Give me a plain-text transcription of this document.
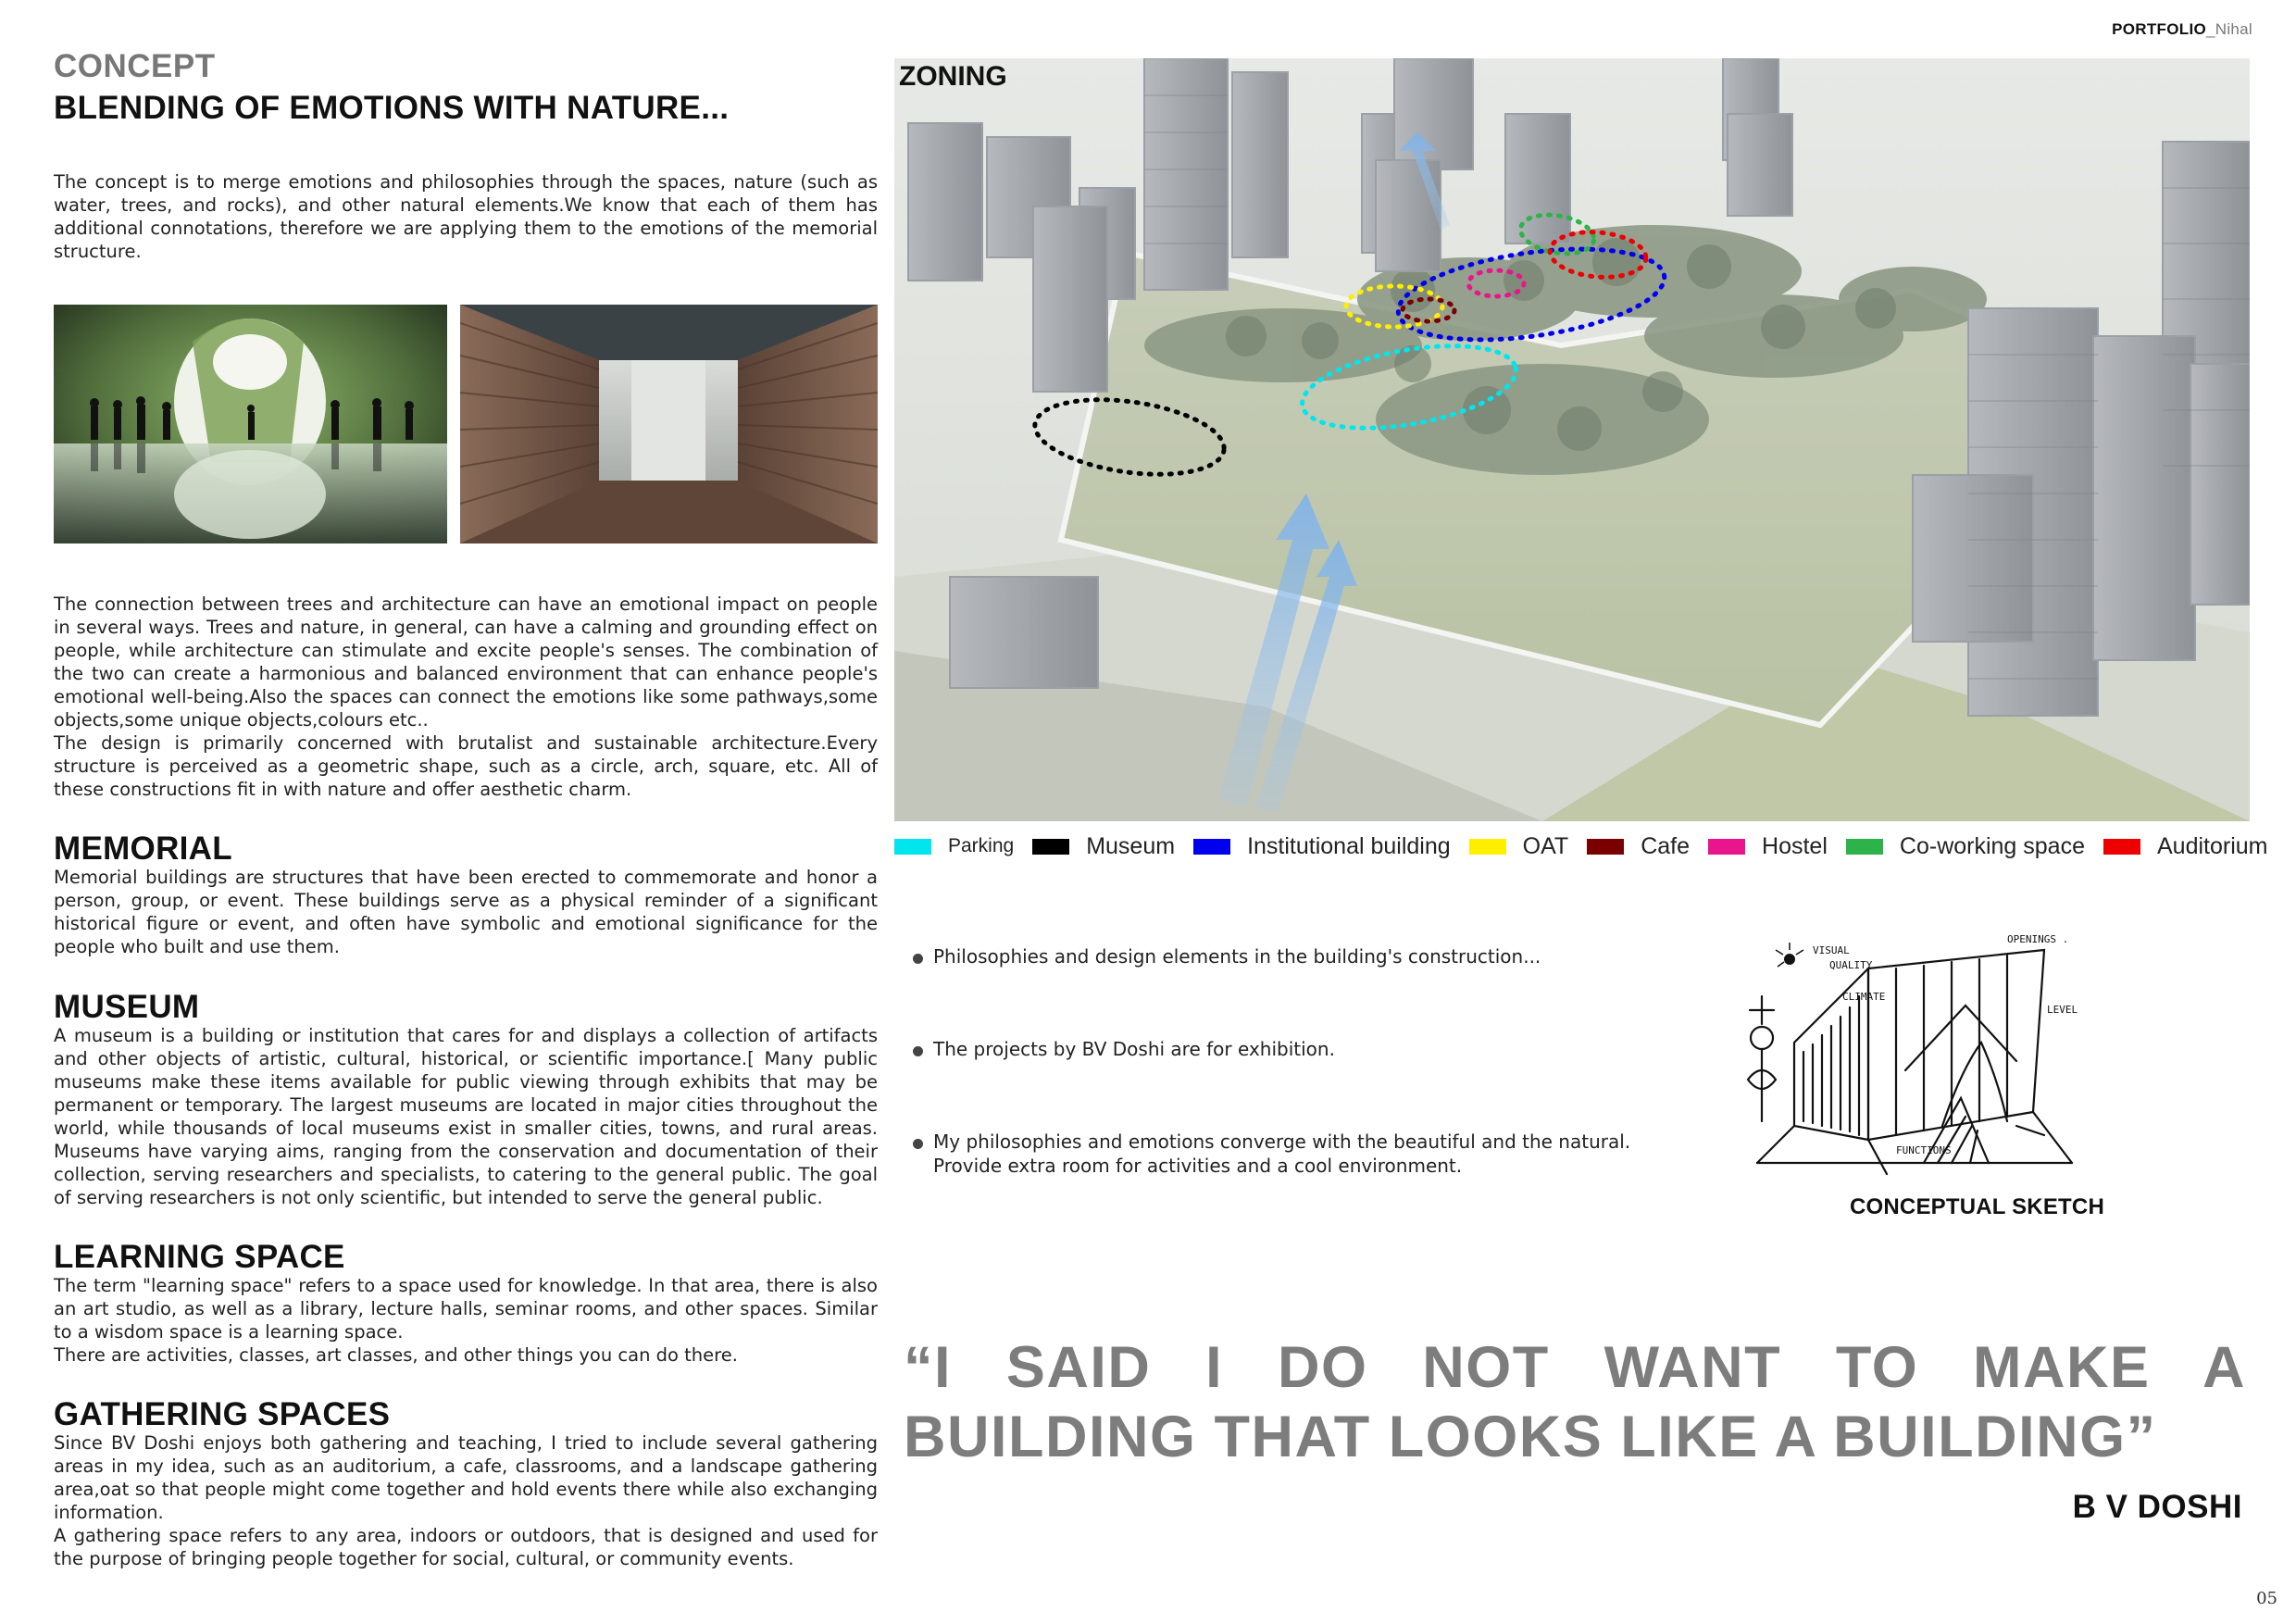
PORTFOLIO_Nihal
CONCEPT
BLENDING OF EMOTIONS WITH NATURE...
The concept is to merge emotions and philosophies through the spaces, nature (such as water, trees, and rocks), and other natural elements.We know that each of them has additional connotations, therefore we are applying them to the emotions of the memorial structure.
The connection between trees and architecture can have an emotional impact on people in several ways. Trees and nature, in general, can have a calming and grounding effect on people, while architecture can stimulate and excite people's senses. The combination of the two can create a harmonious and balanced environment that can enhance people's emotional well-being.Also the spaces can connect the emotions like some pathways,some objects,some unique objects,colours etc..
The design is primarily concerned with brutalist and sustainable architecture.Every structure is perceived as a geometric shape, such as a circle, arch, square, etc. All of these constructions fit in with nature and offer aesthetic charm.
MEMORIAL
Memorial buildings are structures that have been erected to commemorate and honor a person, group, or event. These buildings serve as a physical reminder of a significant historical figure or event, and often have symbolic and emotional significance for the people who built and use them.
MUSEUM
A museum is a building or institution that cares for and displays a collection of artifacts and other objects of artistic, cultural, historical, or scientific importance.[ Many public museums make these items available for public viewing through exhibits that may be permanent or temporary. The largest museums are located in major cities throughout the world, while thousands of local museums exist in smaller cities, towns, and rural areas. Museums have varying aims, ranging from the conservation and documentation of their collection, serving researchers and specialists, to catering to the general public. The goal of serving researchers is not only scientific, but intended to serve the general public.
LEARNING SPACE
The term "learning space" refers to a space used for knowledge. In that area, there is also an art studio, as well as a library, lecture halls, seminar rooms, and other spaces. Similar to a wisdom space is a learning space.
There are activities, classes, art classes, and other things you can do there.
GATHERING SPACES
Since BV Doshi enjoys both gathering and teaching, I tried to include several gathering areas in my idea, such as an auditorium, a cafe, classrooms, and a landscape gathering area,oat so that people might come together and hold events there while also exchanging information.
A gathering space refers to any area, indoors or outdoors, that is designed and used for the purpose of bringing people together for social, cultural, or community events.
ZONING
Parking	Museum	Institutional building	OAT	Cafe	Hostel	Co-working space	Auditorium
Philosophies and design elements in the building's construction...
The projects by BV Doshi are for exhibition.
My philosophies and emotions converge with the beautiful and the natural. Provide extra room for activities and a cool environment.
VISUAL
QUALITY
CLIMATE
OPENINGS .
LEVEL
FUNCTIONS
CONCEPTUAL SKETCH
“I SAID I DO NOT WANT TO MAKE A BUILDING THAT LOOKS LIKE A BUILDING”
B V DOSHI
05
